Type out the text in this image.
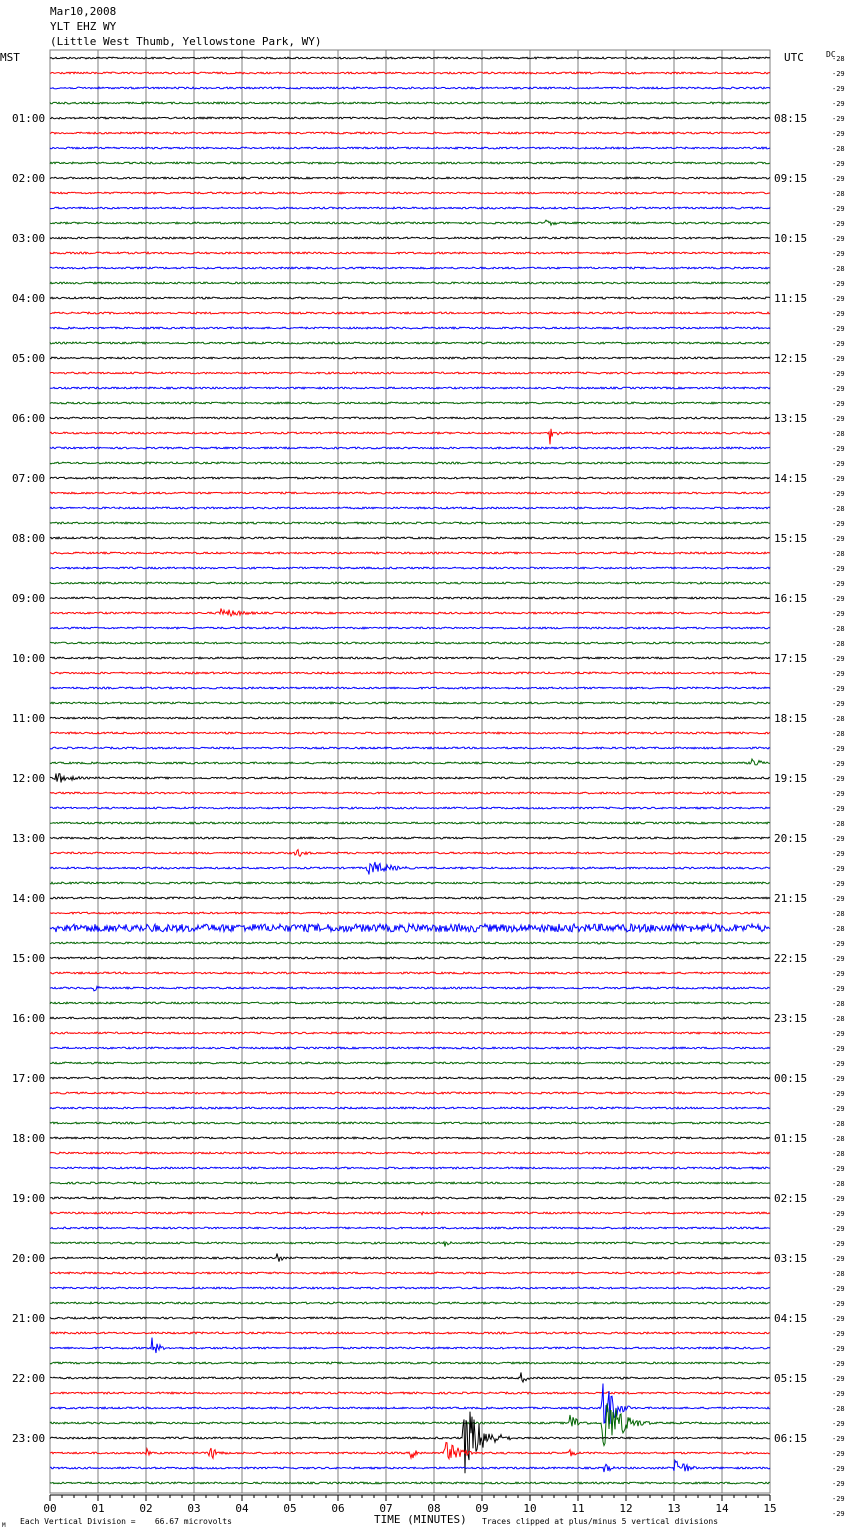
Mar10,2008
YLT EHZ WY
(Little West Thumb, Yellowstone Park, WY)
MST	UTC	DC
01:00
02:00
03:00
04:00
05:00
06:00
07:00
08:00
09:00
10:00
11:00
12:00
13:00
14:00
15:00
16:00
17:00
18:00
19:00
20:00
21:00
22:00
23:00
08:15
09:15
10:15
11:15
12:15
13:15
14:15
15:15
16:15
17:15
18:15
19:15
20:15
21:15
22:15
23:15
00:15
01:15
02:15
03:15
04:15
05:15
06:15
-28
-29
-29
-29
-29
-29
-28
-29
-29
-28
-29
-29
-29
-29
-28
-29
-29
-29
-29
-29
-29
-29
-29
-29
-29
-28
-29
-29
-29
-29
-28
-29
-29
-28
-29
-29
-29
-29
-28
-28
-29
-29
-29
-29
-28
-28
-29
-29
-29
-29
-29
-28
-29
-29
-29
-29
-29
-28
-28
-29
-29
-29
-29
-28
-28
-29
-29
-29
-29
-29
-29
-28
-28
-28
-29
-28
-29
-29
-29
-29
-29
-28
-29
-29
-29
-29
-29
-29
-29
-29
-28
-29
-29
-29
-29
-29
-29
-29
00	01	02	03	04	05	06	07	08	09	10	11	12	13	14	15
TIME (MINUTES)
Each Vertical Division =    66.67 microvolts	Traces clipped at plus/minus 5 vertical divisions
M
